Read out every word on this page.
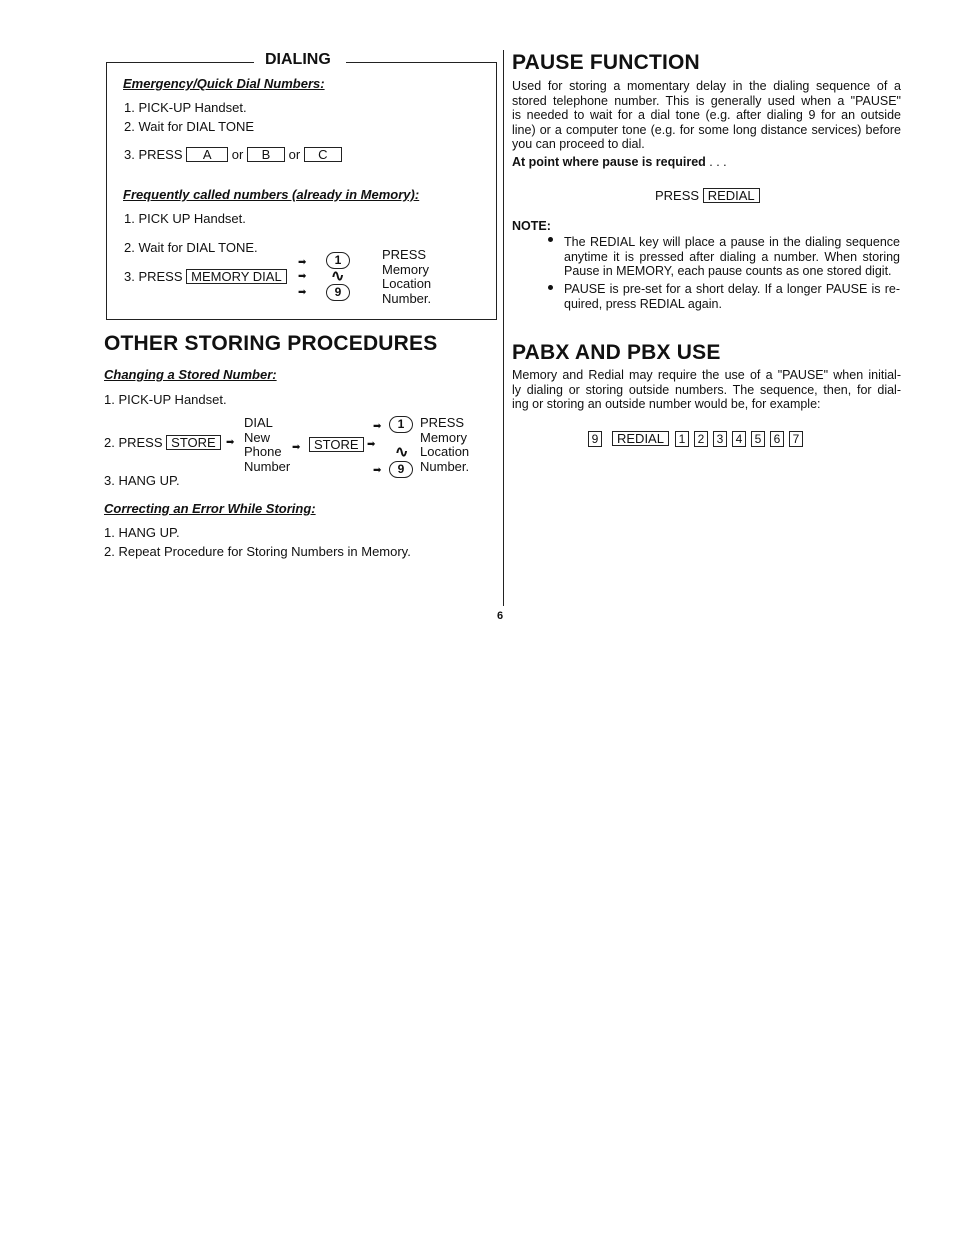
DIALING
Emergency/Quick Dial Numbers:
1. PICK-UP Handset.
2. Wait for DIAL TONE
3. PRESS A or B or C
Frequently called numbers (already in Memory):
1. PICK UP Handset.
2. Wait for DIAL TONE.
3. PRESS MEMORY DIAL
➡
➡
➡
1
∿
9
PRESS
Memory
Location
Number.
OTHER STORING PROCEDURES
Changing a Stored Number:
1. PICK-UP Handset.
DIAL
New
Phone
Number
2. PRESS STORE	➡	➡	STORE ➡
➡
➡
1
∿
9
PRESS
Memory
Location
Number.
3. HANG UP.
Correcting an Error While Storing:
1. HANG UP.
2. Repeat Procedure for Storing Numbers in Memory.
6
PAUSE FUNCTION
Used for storing a momentary delay in the dialing sequence of a
stored telephone number. This is generally used when a "PAUSE"
is needed to wait for a dial tone (e.g. after dialing 9 for an outside
line) or a computer tone (e.g. for some long distance services) before
you can proceed to dial.
At point where pause is required . . .
PRESS REDIAL
NOTE:
The REDIAL key will place a pause in the dialing sequence
anytime it is pressed after dialing a number. When storing
Pause in MEMORY, each pause counts as one stored digit.
PAUSE is pre-set for a short delay. If a longer PAUSE is re-
quired, press REDIAL again.
PABX AND PBX USE
Memory and Redial may require the use of a "PAUSE" when initial-
ly dialing or storing outside numbers. The sequence, then, for dial-
ing or storing an outside number would be, for example:
9 REDIAL 1 2 3 4 5 6 7
